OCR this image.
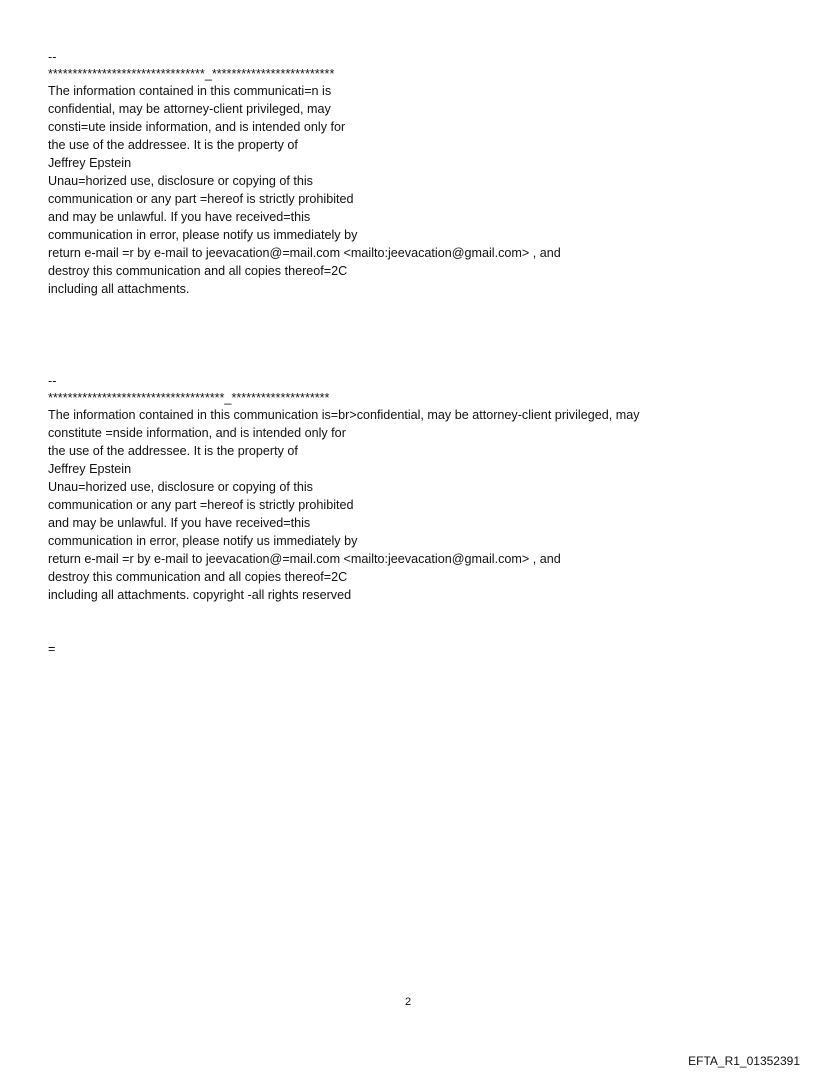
--
********************************_*************************
The information contained in this communicati=n is
confidential, may be attorney-client privileged, may
consti=ute inside information, and is intended only for
the use of the addressee. It is the property of
Jeffrey Epstein
Unau=horized use, disclosure or copying of this
communication or any part =hereof is strictly prohibited
and may be unlawful. If you have received=this
communication in error, please notify us immediately by
return e-mail =r by e-mail to jeevacation@=mail.com <mailto:jeevacation@gmail.com> , and
destroy this communication and all copies thereof=2C
including all attachments.
--
************************************_********************
The information contained in this communication is=br>confidential, may be attorney-client privileged, may
constitute =nside information, and is intended only for
the use of the addressee. It is the property of
Jeffrey Epstein
Unau=horized use, disclosure or copying of this
communication or any part =hereof is strictly prohibited
and may be unlawful. If you have received=this
communication in error, please notify us immediately by
return e-mail =r by e-mail to jeevacation@=mail.com <mailto:jeevacation@gmail.com> , and
destroy this communication and all copies thereof=2C
including all attachments. copyright -all rights reserved
=
2
EFTA_R1_01352391
